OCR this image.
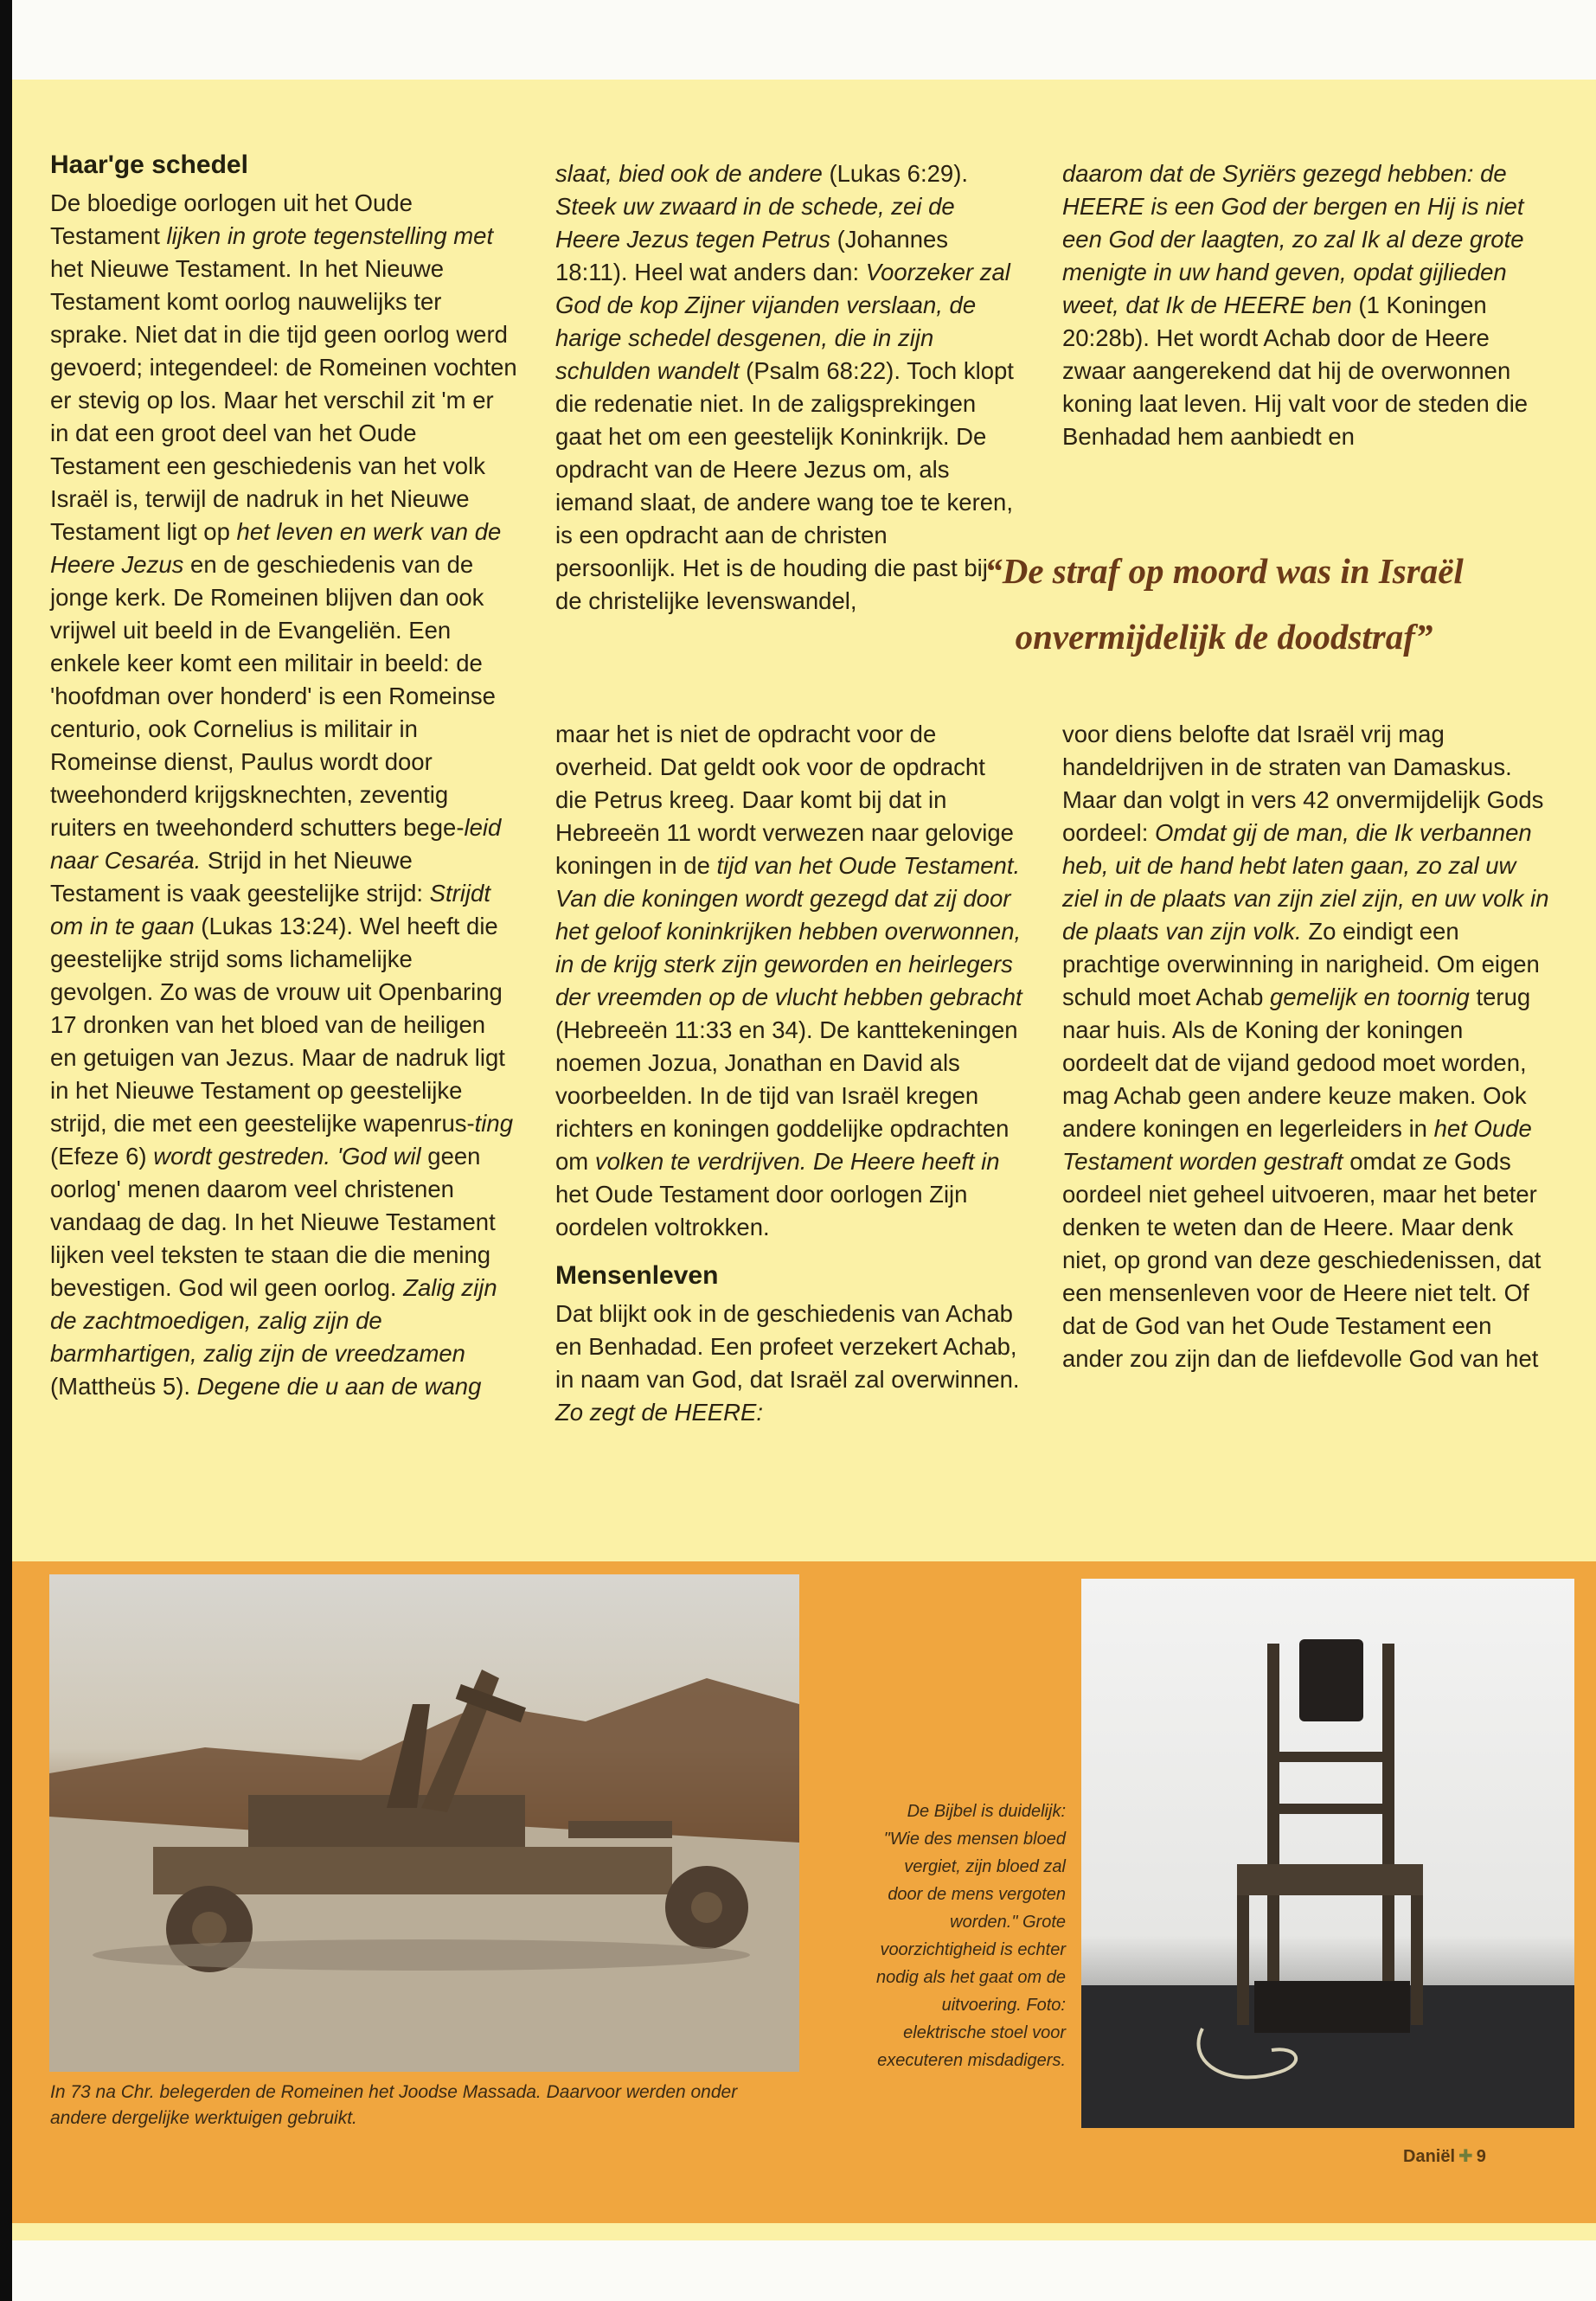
Haar'ge schedel

De bloedige oorlogen uit het Oude Testament lijken in grote tegenstelling met het Nieuwe Testament. In het Nieuwe Testament komt oorlog nauwelijks ter sprake. Niet dat in die tijd geen oorlog werd gevoerd; integendeel: de Romeinen vochten er stevig op los. Maar het verschil zit 'm er in dat een groot deel van het Oude Testament een geschiedenis van het volk Israël is, terwijl de nadruk in het Nieuwe Testament ligt op het leven en werk van de Heere Jezus en de geschiedenis van de jonge kerk. De Romeinen blijven dan ook vrijwel uit beeld in de Evangeliën. Een enkele keer komt een militair in beeld: de 'hoofdman over honderd' is een Romeinse centurio, ook Cornelius is militair in Romeinse dienst, Paulus wordt door tweehonderd krijgsknechten, zeventig ruiters en tweehonderd schutters bege-leid naar Cesaréa. Strijd in het Nieuwe Testament is vaak geestelijke strijd: Strijdt om in te gaan (Lukas 13:24). Wel heeft die geestelijke strijd soms lichamelijke gevolgen. Zo was de vrouw uit Openbaring 17 dronken van het bloed van de heiligen en getuigen van Jezus. Maar de nadruk ligt in het Nieuwe Testament op geestelijke strijd, die met een geestelijke wapenrus-ting (Efeze 6) wordt gestreden. 'God wil geen oorlog' menen daarom veel christenen vandaag de dag. In het Nieuwe Testament lijken veel teksten te staan die die mening bevestigen. God wil geen oorlog. Zalig zijn de zachtmoedigen, zalig zijn de barmhartigen, zalig zijn de vreedzamen (Mattheüs 5). Degene die u aan de wang

slaat, bied ook de andere (Lukas 6:29). Steek uw zwaard in de schede, zei de Heere Jezus tegen Petrus (Johannes 18:11). Heel wat anders dan: Voorzeker zal God de kop Zijner vijanden verslaan, de harige schedel desgenen, die in zijn schulden wandelt (Psalm 68:22). Toch klopt die redenatie niet. In de zaligsprekingen gaat het om een geestelijk Koninkrijk. De opdracht van de Heere Jezus om, als iemand slaat, de andere wang toe te keren, is een opdracht aan de christen persoonlijk. Het is de houding die past bij de christelijke levenswandel,

“De straf op moord was in Israël
onvermijdelijk de doodstraf”

maar het is niet de opdracht voor de overheid. Dat geldt ook voor de opdracht die Petrus kreeg. Daar komt bij dat in Hebreeën 11 wordt verwezen naar gelovige koningen in de tijd van het Oude Testament. Van die koningen wordt gezegd dat zij door het geloof koninkrijken hebben overwonnen, in de krijg sterk zijn geworden en heirlegers der vreemden op de vlucht hebben gebracht (Hebreeën 11:33 en 34). De kanttekeningen noemen Jozua, Jonathan en David als voorbeelden. In de tijd van Israël kregen richters en koningen goddelijke opdrachten om volken te verdrijven. De Heere heeft in het Oude Testament door oorlogen Zijn oordelen voltrokken.

Mensenleven

Dat blijkt ook in de geschiedenis van Achab en Benhadad. Een profeet verzekert Achab, in naam van God, dat Israël zal overwinnen. Zo zegt de HEERE:

daarom dat de Syriërs gezegd hebben: de HEERE is een God der bergen en Hij is niet een God der laagten, zo zal Ik al deze grote menigte in uw hand geven, opdat gijlieden weet, dat Ik de HEERE ben (1 Koningen 20:28b). Het wordt Achab door de Heere zwaar aangerekend dat hij de overwonnen koning laat leven. Hij valt voor de steden die Benhadad hem aanbiedt en

voor diens belofte dat Israël vrij mag handeldrijven in de straten van Damaskus. Maar dan volgt in vers 42 onvermijdelijk Gods oordeel: Omdat gij de man, die Ik verbannen heb, uit de hand hebt laten gaan, zo zal uw ziel in de plaats van zijn ziel zijn, en uw volk in de plaats van zijn volk. Zo eindigt een prachtige overwinning in narigheid. Om eigen schuld moet Achab gemelijk en toornig terug naar huis. Als de Koning der koningen oordeelt dat de vijand gedood moet worden, mag Achab geen andere keuze maken. Ook andere koningen en legerleiders in het Oude Testament worden gestraft omdat ze Gods oordeel niet geheel uitvoeren, maar het beter denken te weten dan de Heere. Maar denk niet, op grond van deze geschiedenissen, dat een mensenleven voor de Heere niet telt. Of dat de God van het Oude Testament een ander zou zijn dan de liefdevolle God van het

In 73 na Chr. belegerden de Romeinen het Joodse Massada. Daarvoor werden onder andere dergelijke werktuigen gebruikt.
De Bijbel is duidelijk: "Wie des mensen bloed vergiet, zijn bloed zal door de mens vergoten worden." Grote voorzichtigheid is echter nodig als het gaat om de uitvoering. Foto: elektrische stoel voor executeren misdadigers.
Daniël ✚ 9
